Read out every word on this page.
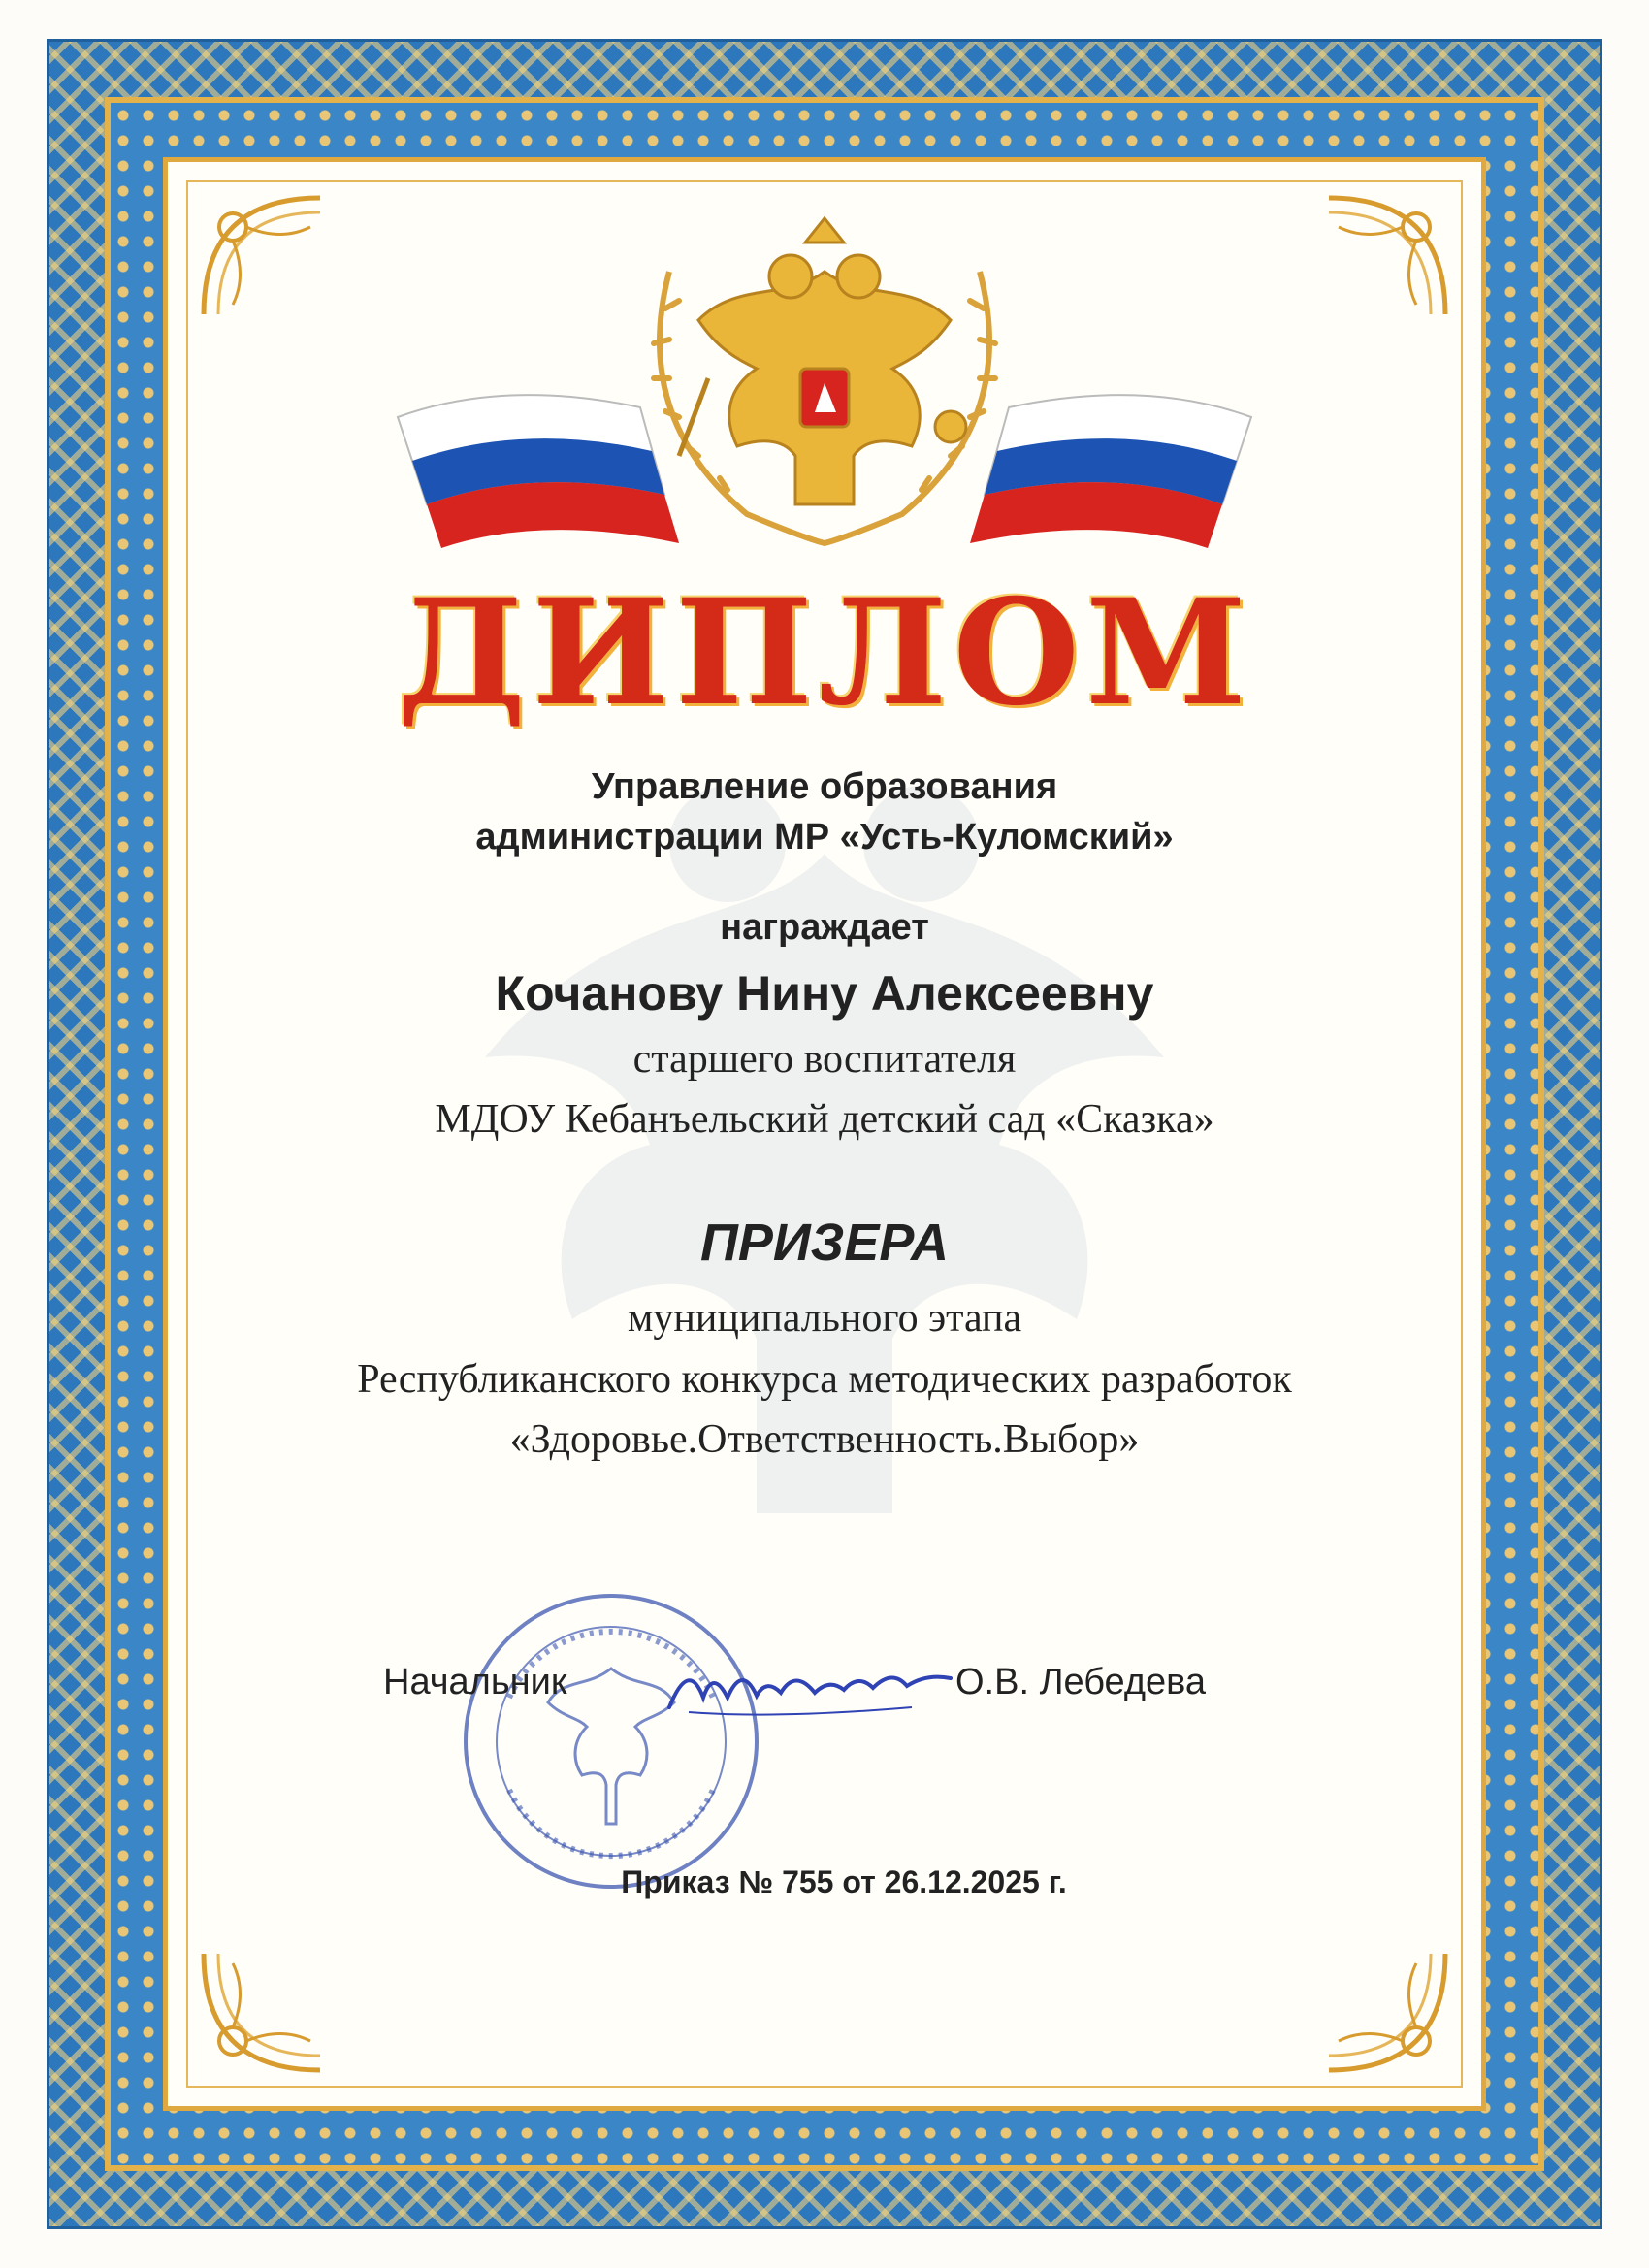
ДИПЛОМ
Управление образования
администрации МР «Усть-Куломский»
награждает
Кочанову Нину Алексеевну
старшего воспитателя
МДОУ Кебанъельский детский сад «Сказка»
ПРИЗЕРА
муниципального этапа
Республиканского конкурса методических разработок
«Здоровье.Ответственность.Выбор»
Начальник	О.В. Лебедева
Приказ № 755 от 26.12.2025 г.
